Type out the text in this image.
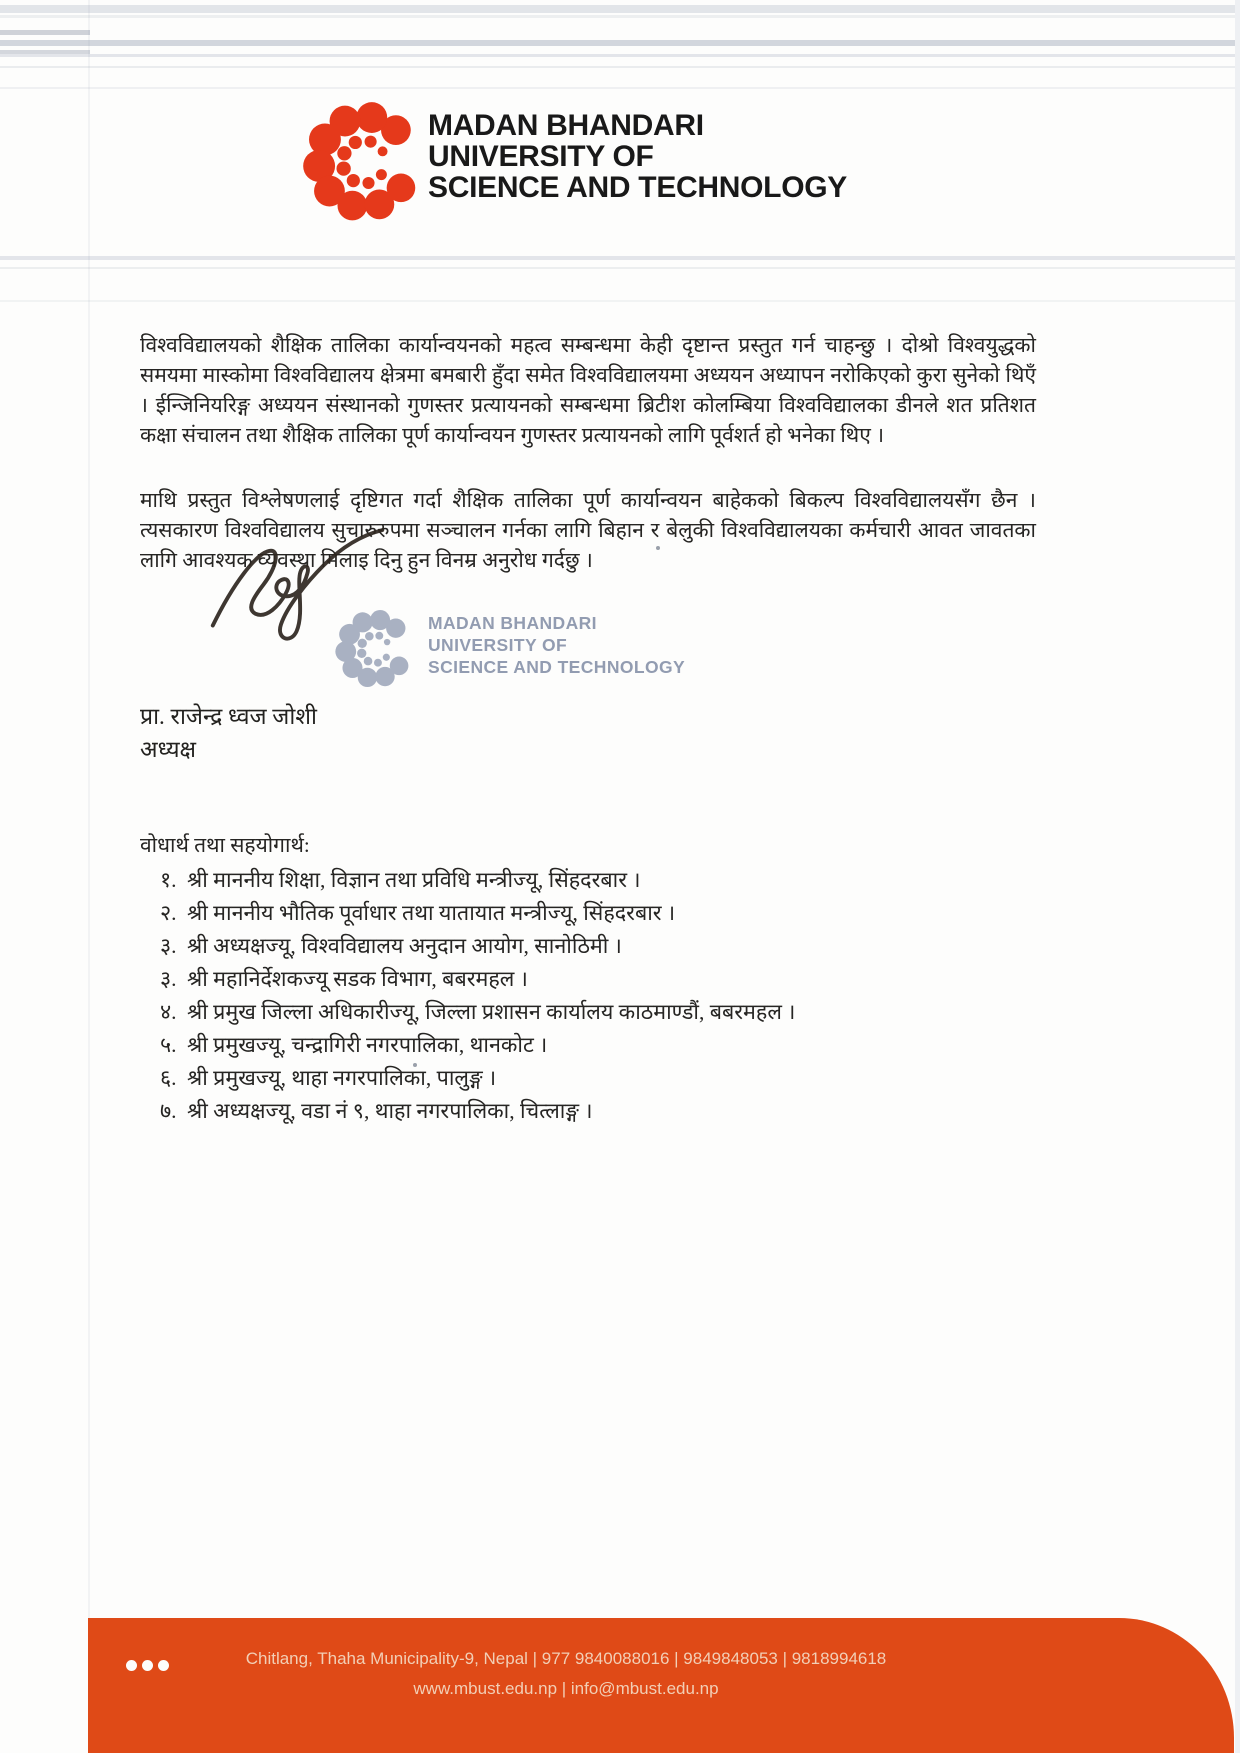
MADAN BHANDARI
UNIVERSITY OF
SCIENCE AND TECHNOLOGY

विश्वविद्यालयको शैक्षिक तालिका कार्यान्वयनको महत्व सम्बन्धमा केही दृष्टान्त प्रस्तुत गर्न चाहन्छु । दोश्रो विश्वयुद्धको समयमा मास्कोमा विश्वविद्यालय क्षेत्रमा बमबारी हुँदा समेत विश्वविद्यालयमा अध्ययन अध्यापन नरोकिएको कुरा सुनेको थिएँ । ईन्जिनियरिङ्ग अध्ययन संस्थानको गुणस्तर प्रत्यायनको सम्बन्धमा ब्रिटीश कोलम्बिया विश्वविद्यालका डीनले शत प्रतिशत कक्षा संचालन तथा शैक्षिक तालिका पूर्ण कार्यान्वयन गुणस्तर प्रत्यायनको लागि पूर्वशर्त हो भनेका थिए ।

माथि प्रस्तुत विश्लेषणलाई दृष्टिगत गर्दा शैक्षिक तालिका पूर्ण कार्यान्वयन बाहेकको बिकल्प विश्वविद्यालयसँग छैन । त्यसकारण विश्वविद्यालय सुचारुरुपमा सञ्चालन गर्नका लागि बिहान र बेलुकी विश्वविद्यालयका कर्मचारी आवत जावतका लागि आवश्यक व्यवस्था मिलाइ दिनु हुन विनम्र अनुरोध गर्दछु ।

MADAN BHANDARI
UNIVERSITY OF
SCIENCE AND TECHNOLOGY
प्रा. राजेन्द्र ध्वज जोशी
अध्यक्ष
वोधार्थ तथा सहयोगार्थ:
१. श्री माननीय शिक्षा, विज्ञान तथा प्रविधि मन्त्रीज्यू, सिंहदरबार ।
२. श्री माननीय भौतिक पूर्वाधार तथा यातायात मन्त्रीज्यू, सिंहदरबार ।
३. श्री अध्यक्षज्यू, विश्वविद्यालय अनुदान आयोग, सानोठिमी ।
३. श्री महानिर्देशकज्यू सडक विभाग, बबरमहल ।
४. श्री प्रमुख जिल्ला अधिकारीज्यू, जिल्ला प्रशासन कार्यालय काठमाण्डौं, बबरमहल ।
५. श्री प्रमुखज्यू, चन्द्रागिरी नगरपालिका, थानकोट ।
६. श्री प्रमुखज्यू, थाहा नगरपालिका, पालुङ्ग ।
७. श्री अध्यक्षज्यू, वडा नं ९, थाहा नगरपालिका, चित्लाङ्ग ।
Chitlang, Thaha Municipality-9, Nepal | 977 9840088016 | 9849848053 | 9818994618
www.mbust.edu.np | info@mbust.edu.np
